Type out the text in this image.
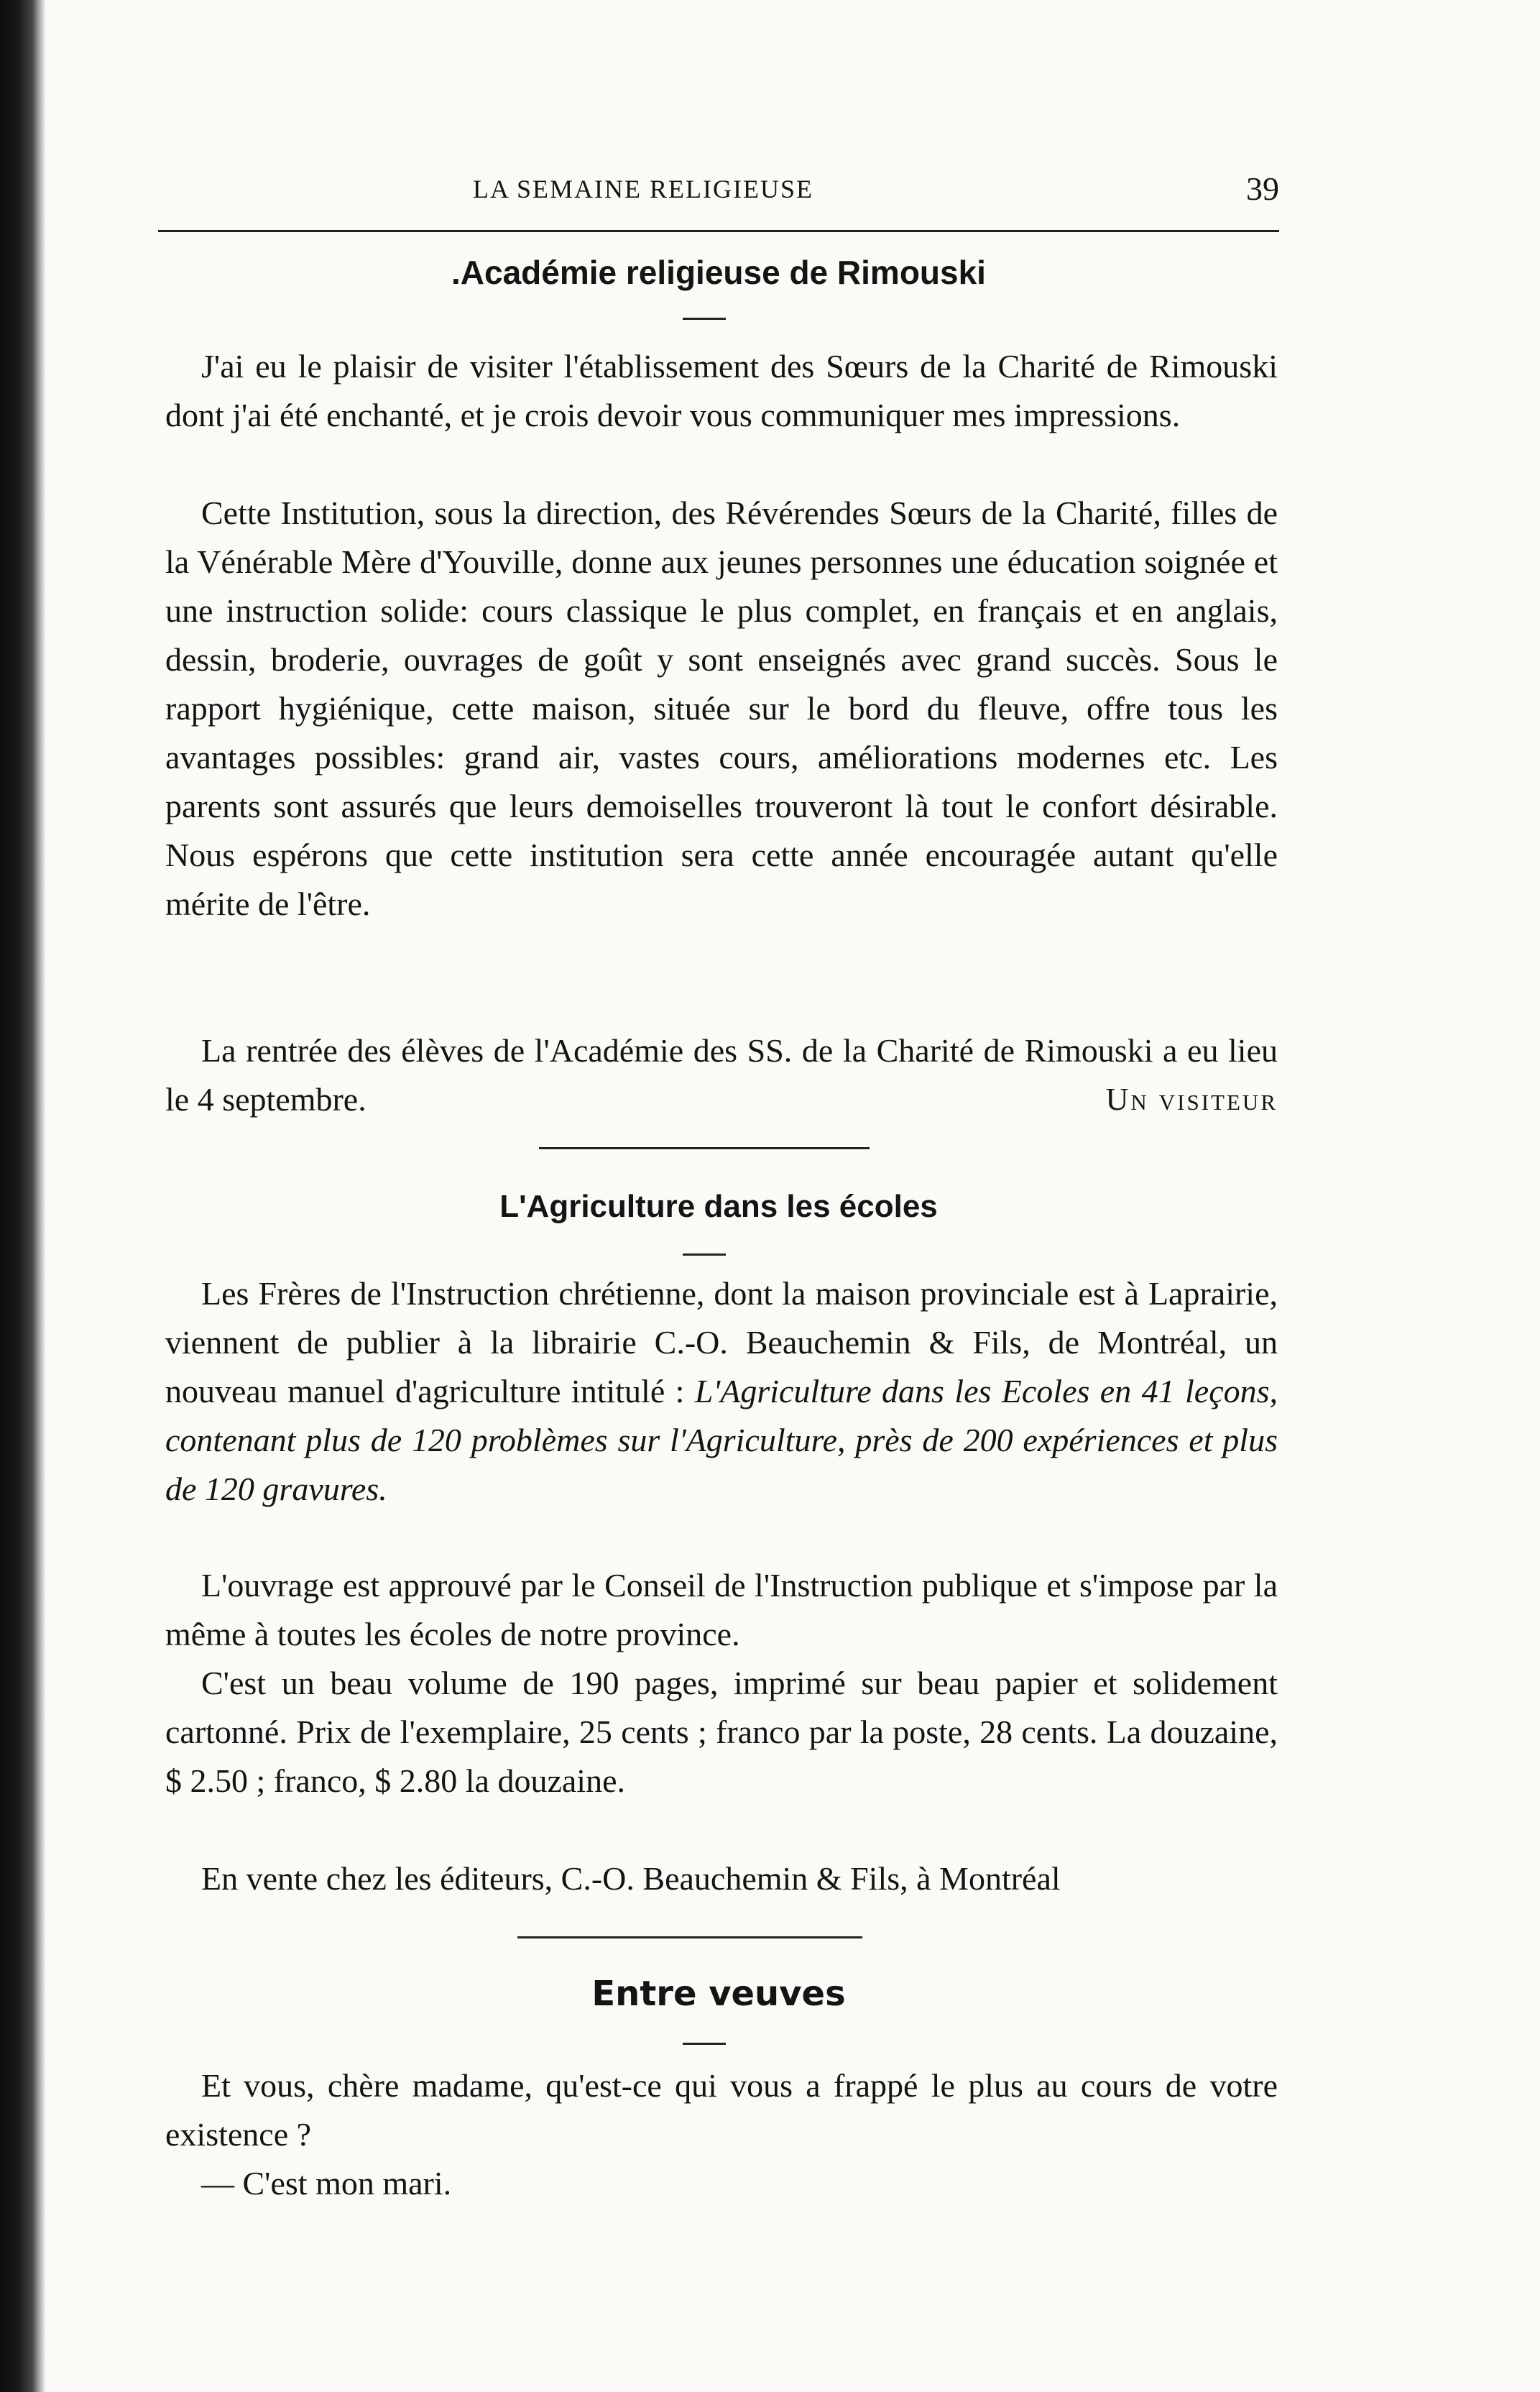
LA SEMAINE RELIGIEUSE	39
.Académie religieuse de Rimouski

J'ai eu le plaisir de visiter l'établissement des Sœurs de la Charité de Rimouski dont j'ai été enchanté, et je crois devoir vous communiquer mes impressions.

Cette Institution, sous la direction, des Révérendes Sœurs de la Charité, filles de la Vénérable Mère d'Youville, donne aux jeunes personnes une éducation soignée et une instruction solide: cours classique le plus complet, en français et en anglais, dessin, broderie, ouvrages de goût y sont enseignés avec grand succès. Sous le rapport hygiénique, cette maison, située sur le bord du fleuve, offre tous les avantages possibles: grand air, vastes cours, améliorations modernes etc. Les parents sont assurés que leurs demoiselles trouveront là tout le confort désirable. Nous espérons que cette institution sera cette année encouragée autant qu'elle mérite de l'être.

La rentrée des élèves de l'Académie des SS. de la Charité de Rimouski a eu lieu le 4 septembre.	Un visiteur

L'Agriculture dans les écoles

Les Frères de l'Instruction chrétienne, dont la maison provinciale est à Laprairie, viennent de publier à la librairie C.-O. Beauchemin & Fils, de Montréal, un nouveau manuel d'agriculture intitulé : L'Agriculture dans les Ecoles en 41 leçons, contenant plus de 120 problèmes sur l'Agriculture, près de 200 expériences et plus de 120 gravures.

L'ouvrage est approuvé par le Conseil de l'Instruction publique et s'impose par la même à toutes les écoles de notre province.

C'est un beau volume de 190 pages, imprimé sur beau papier et solidement cartonné. Prix de l'exemplaire, 25 cents ; franco par la poste, 28 cents. La douzaine, $ 2.50 ; franco, $ 2.80 la douzaine.

En vente chez les éditeurs, C.-O. Beauchemin & Fils, à Montréal

Entre veuves

Et vous, chère madame, qu'est-ce qui vous a frappé le plus au cours de votre existence ?

— C'est mon mari.
